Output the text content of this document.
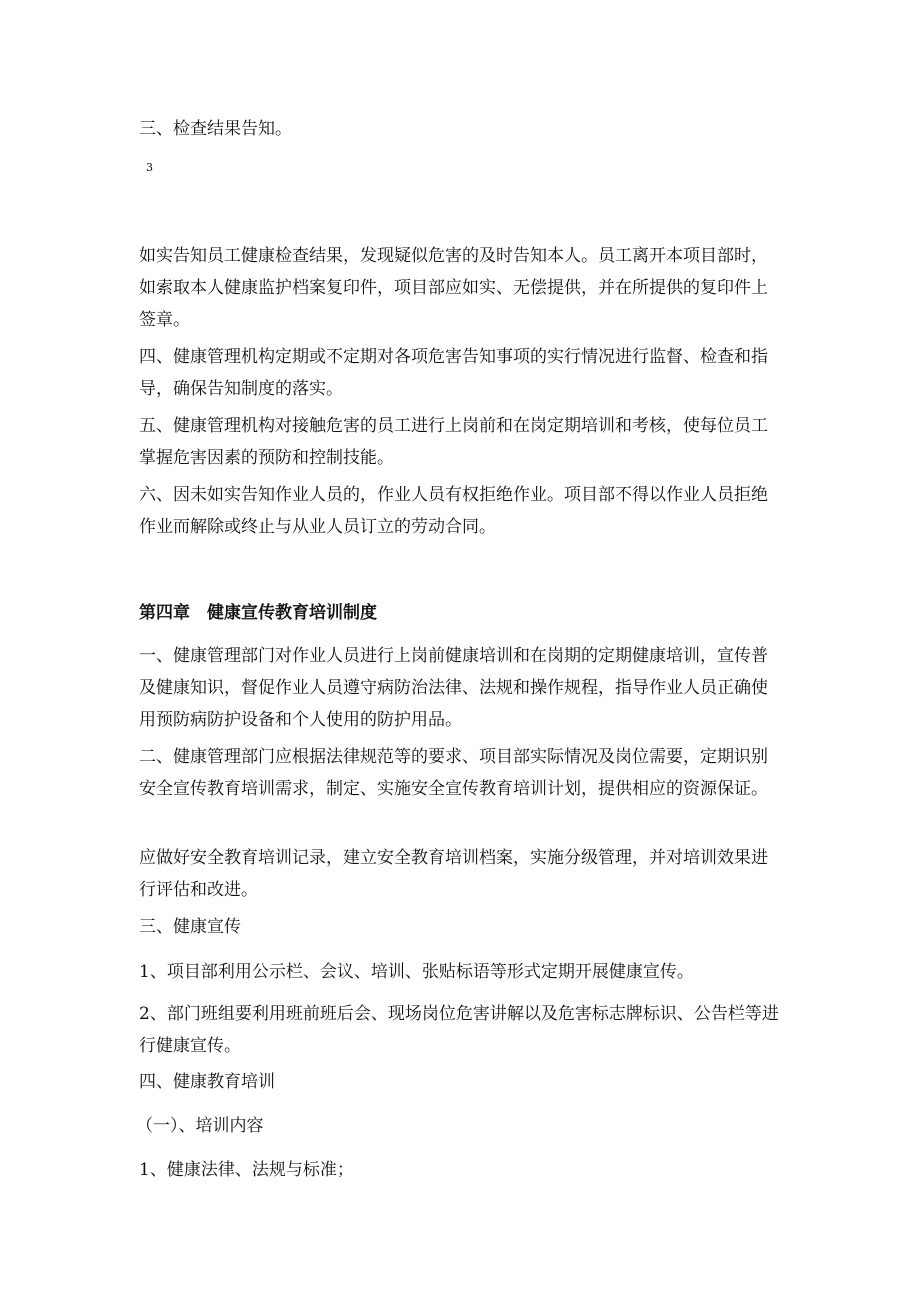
三、检查结果告知。

3

如实告知员工健康检查结果，发现疑似危害的及时告知本人。员工离开本项目部时，如索取本人健康监护档案复印件，项目部应如实、无偿提供，并在所提供的复印件上签章。

四、健康管理机构定期或不定期对各项危害告知事项的实行情况进行监督、检查和指导，确保告知制度的落实。

五、健康管理机构对接触危害的员工进行上岗前和在岗定期培训和考核，使每位员工掌握危害因素的预防和控制技能。

六、因未如实告知作业人员的，作业人员有权拒绝作业。项目部不得以作业人员拒绝作业而解除或终止与从业人员订立的劳动合同。

第四章　健康宣传教育培训制度

一、健康管理部门对作业人员进行上岗前健康培训和在岗期的定期健康培训，宣传普及健康知识，督促作业人员遵守病防治法律、法规和操作规程，指导作业人员正确使用预防病防护设备和个人使用的防护用品。

二、健康管理部门应根据法律规范等的要求、项目部实际情况及岗位需要，定期识别安全宣传教育培训需求，制定、实施安全宣传教育培训计划，提供相应的资源保证。

应做好安全教育培训记录，建立安全教育培训档案，实施分级管理，并对培训效果进行评估和改进。

三、健康宣传

1、项目部利用公示栏、会议、培训、张贴标语等形式定期开展健康宣传。

2、部门班组要利用班前班后会、现场岗位危害讲解以及危害标志牌标识、公告栏等进行健康宣传。

四、健康教育培训

（一）、培训内容

1、健康法律、法规与标准；
